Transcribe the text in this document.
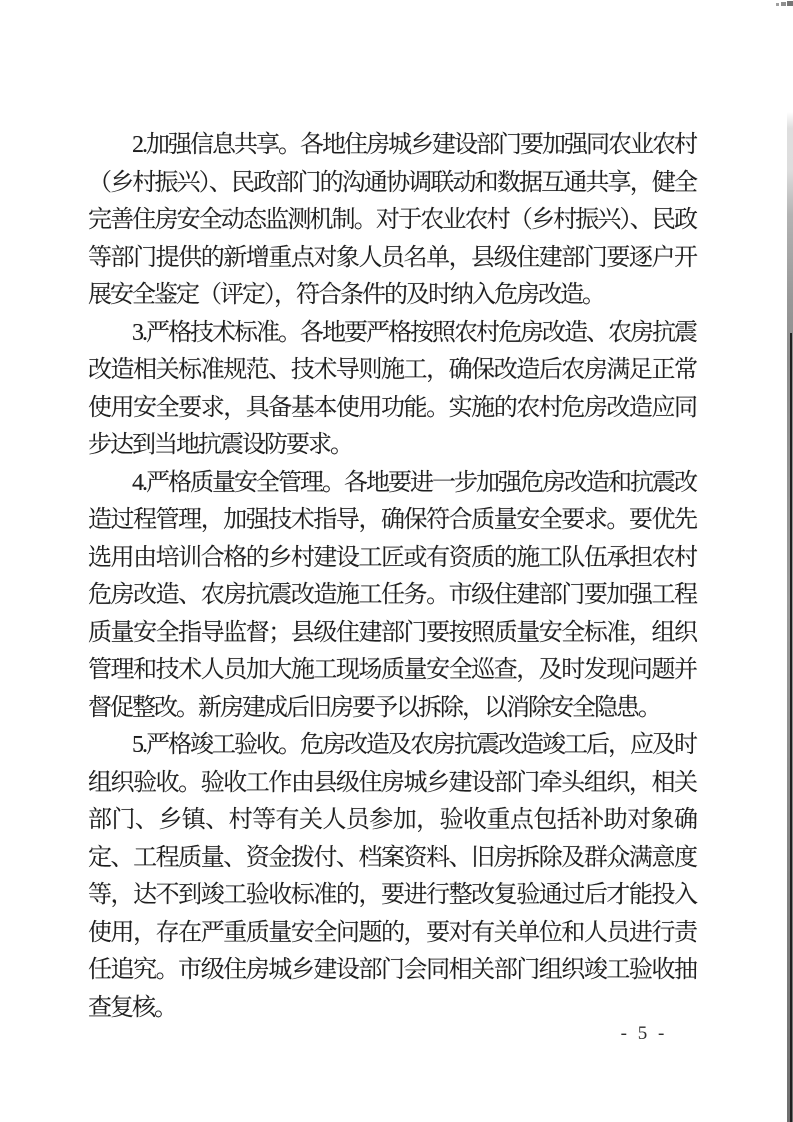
2.加强信息共享。各地住房城乡建设部门要加强同农业农村（乡村振兴）、民政部门的沟通协调联动和数据互通共享，健全完善住房安全动态监测机制。对于农业农村（乡村振兴）、民政等部门提供的新增重点对象人员名单，县级住建部门要逐户开展安全鉴定（评定），符合条件的及时纳入危房改造。

3.严格技术标准。各地要严格按照农村危房改造、农房抗震改造相关标准规范、技术导则施工，确保改造后农房满足正常使用安全要求，具备基本使用功能。实施的农村危房改造应同步达到当地抗震设防要求。

4.严格质量安全管理。各地要进一步加强危房改造和抗震改造过程管理，加强技术指导，确保符合质量安全要求。要优先选用由培训合格的乡村建设工匠或有资质的施工队伍承担农村危房改造、农房抗震改造施工任务。市级住建部门要加强工程质量安全指导监督；县级住建部门要按照质量安全标准，组织管理和技术人员加大施工现场质量安全巡查，及时发现问题并督促整改。新房建成后旧房要予以拆除，以消除安全隐患。

5.严格竣工验收。危房改造及农房抗震改造竣工后，应及时组织验收。验收工作由县级住房城乡建设部门牵头组织，相关部门、乡镇、村等有关人员参加，验收重点包括补助对象确定、工程质量、资金拨付、档案资料、旧房拆除及群众满意度等，达不到竣工验收标准的，要进行整改复验通过后才能投入使用，存在严重质量安全问题的，要对有关单位和人员进行责任追究。市级住房城乡建设部门会同相关部门组织竣工验收抽查复核。

- 5 -
